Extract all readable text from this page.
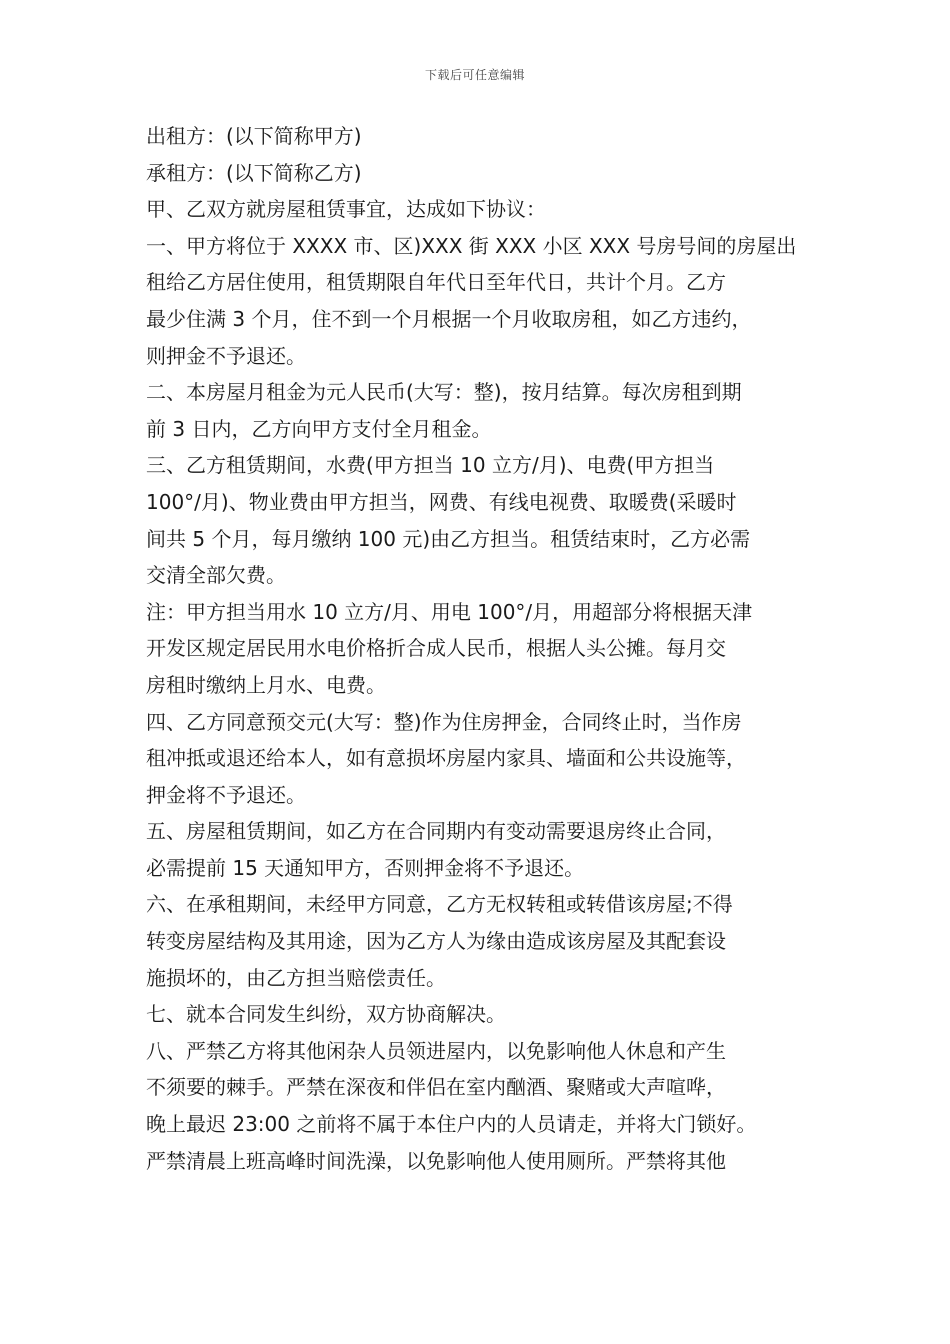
下载后可任意编辑
出租方：(以下简称甲方)
承租方：(以下简称乙方)
甲、乙双方就房屋租赁事宜，达成如下协议：
一、甲方将位于 XXXX 市、区)XXX 街 XXX 小区 XXX 号房号间的房屋出
租给乙方居住使用，租赁期限自年代日至年代日，共计个月。乙方
最少住满 3 个月，住不到一个月根据一个月收取房租，如乙方违约，
则押金不予退还。
二、本房屋月租金为元人民币(大写：整)，按月结算。每次房租到期
前 3 日内，乙方向甲方支付全月租金。
三、乙方租赁期间，水费(甲方担当 10 立方/月)、电费(甲方担当
100°/月)、物业费由甲方担当，网费、有线电视费、取暖费(采暖时
间共 5 个月，每月缴纳 100 元)由乙方担当。租赁结束时，乙方必需
交清全部欠费。
注：甲方担当用水 10 立方/月、用电 100°/月，用超部分将根据天津
开发区规定居民用水电价格折合成人民币，根据人头公摊。每月交
房租时缴纳上月水、电费。
四、乙方同意预交元(大写：整)作为住房押金，合同终止时，当作房
租冲抵或退还给本人，如有意损坏房屋内家具、墙面和公共设施等，
押金将不予退还。
五、房屋租赁期间，如乙方在合同期内有变动需要退房终止合同，
必需提前 15 天通知甲方，否则押金将不予退还。
六、在承租期间，未经甲方同意，乙方无权转租或转借该房屋;不得
转变房屋结构及其用途，因为乙方人为缘由造成该房屋及其配套设
施损坏的，由乙方担当赔偿责任。
七、就本合同发生纠纷，双方协商解决。
八、严禁乙方将其他闲杂人员领进屋内，以免影响他人休息和产生
不须要的棘手。严禁在深夜和伴侣在室内酗酒、聚赌或大声喧哗，
晚上最迟 23:00 之前将不属于本住户内的人员请走，并将大门锁好。
严禁清晨上班高峰时间洗澡，以免影响他人使用厕所。严禁将其他
